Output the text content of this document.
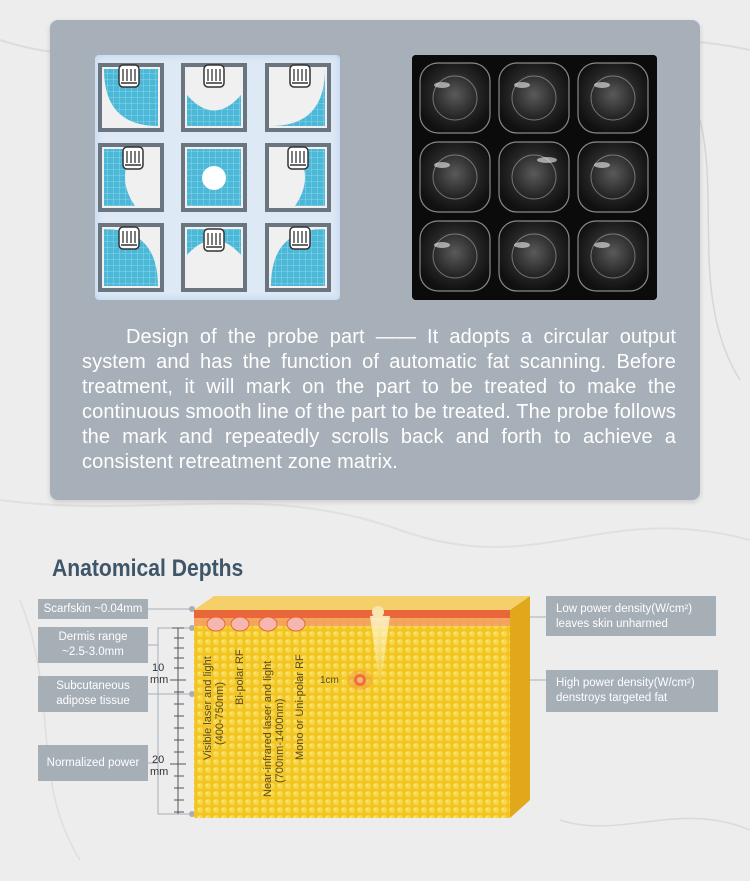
Design of the probe part —— It adopts a circular output system and has the function of automatic fat scanning. Before treatment, it will mark on the part to be treated to make the continuous smooth line of the part to be treated. The probe follows the mark and repeatedly scrolls back and forth to achieve a consistent retreatment zone matrix.
Anatomical Depths
Scarfskin ~0.04mm
Dermis range ~2.5-3.0mm
Subcutaneous adipose tissue
Normalized power
Low power density(W/cm²) leaves skin unharmed
High power density(W/cm²) denstroys targeted fat
10
mm
20
mm
Visible laser and light (400-750nm)
Bi-polar RF Near-infrared laser and light (700nm-1400nm) Mono or Uni-polar RF 1cm
